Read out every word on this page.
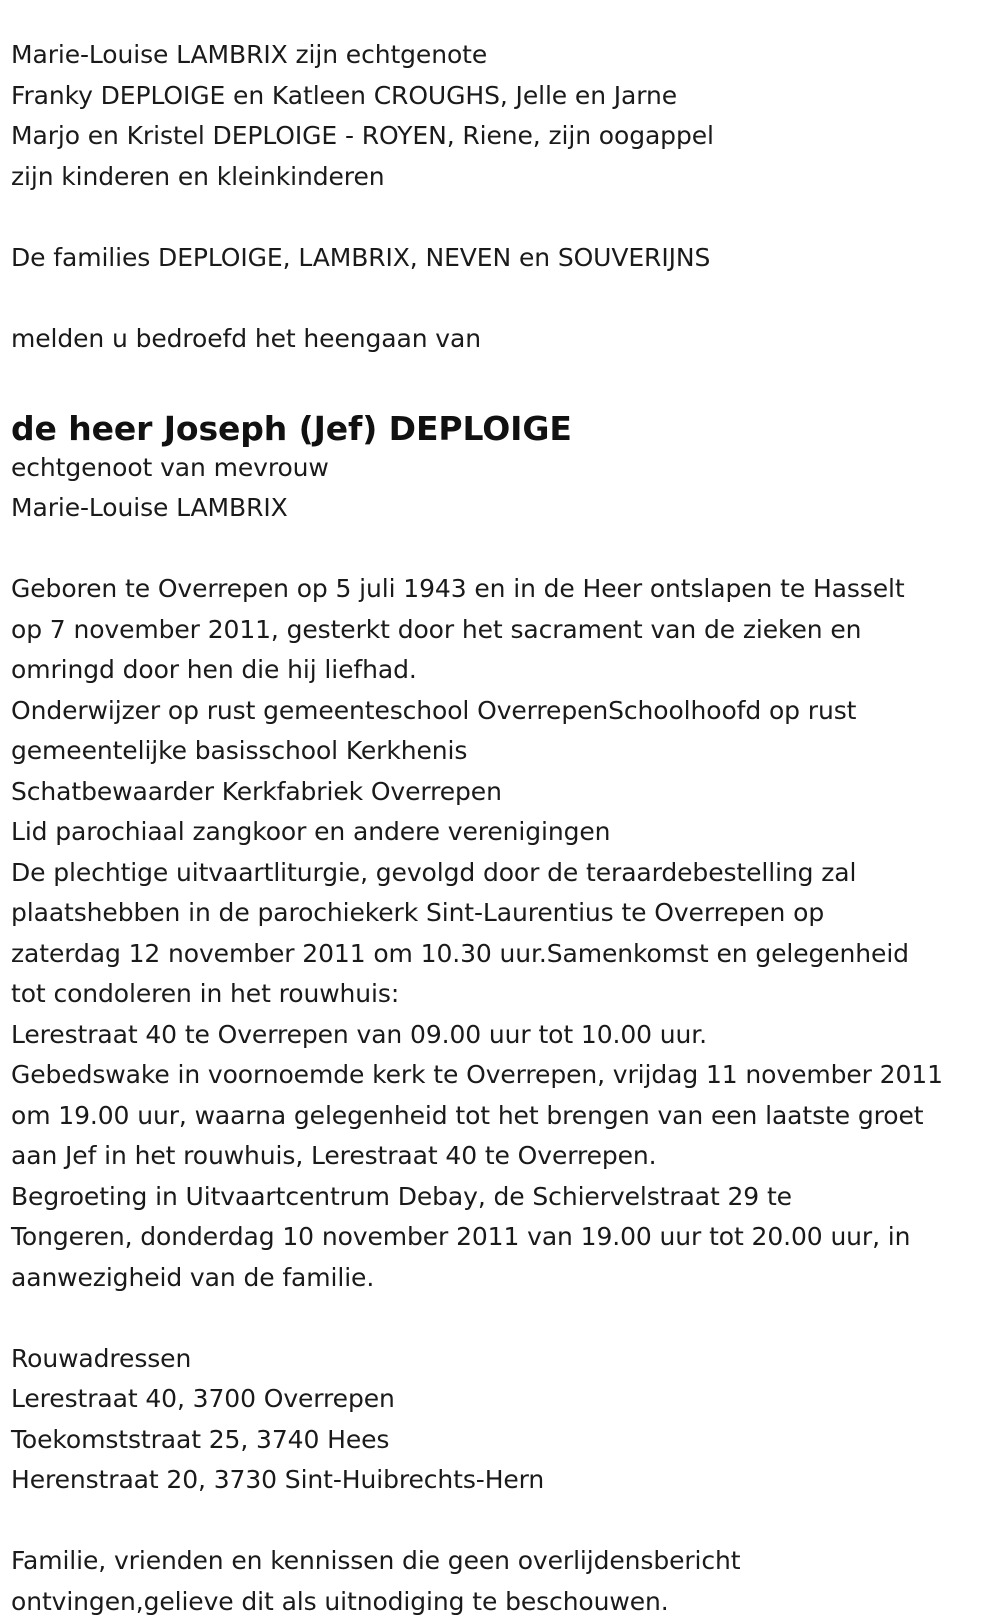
Marie-Louise LAMBRIX zijn echtgenote
Franky DEPLOIGE en Katleen CROUGHS, Jelle en Jarne
Marjo en Kristel DEPLOIGE - ROYEN, Riene, zijn oogappel
zijn kinderen en kleinkinderen
De families DEPLOIGE, LAMBRIX, NEVEN en SOUVERIJNS
melden u bedroefd het heengaan van
de heer Joseph (Jef) DEPLOIGE
echtgenoot van mevrouw
Marie-Louise LAMBRIX
Geboren te Overrepen op 5 juli 1943 en in de Heer ontslapen te Hasselt
op 7 november 2011, gesterkt door het sacrament van de zieken en
omringd door hen die hij liefhad.
Onderwijzer op rust gemeenteschool OverrepenSchoolhoofd op rust
gemeentelijke basisschool Kerkhenis
Schatbewaarder Kerkfabriek Overrepen
Lid parochiaal zangkoor en andere verenigingen
De plechtige uitvaartliturgie, gevolgd door de teraardebestelling zal
plaatshebben in de parochiekerk Sint-Laurentius te Overrepen op
zaterdag 12 november 2011 om 10.30 uur.Samenkomst en gelegenheid
tot condoleren in het rouwhuis:
Lerestraat 40 te Overrepen van 09.00 uur tot 10.00 uur.
Gebedswake in voornoemde kerk te Overrepen, vrijdag 11 november 2011
om 19.00 uur, waarna gelegenheid tot het brengen van een laatste groet
aan Jef in het rouwhuis, Lerestraat 40 te Overrepen.
Begroeting in Uitvaartcentrum Debay, de Schiervelstraat 29 te
Tongeren, donderdag 10 november 2011 van 19.00 uur tot 20.00 uur, in
aanwezigheid van de familie.
Rouwadressen
Lerestraat 40, 3700 Overrepen
Toekomststraat 25, 3740 Hees
Herenstraat 20, 3730 Sint-Huibrechts-Hern
Familie, vrienden en kennissen die geen overlijdensbericht
ontvingen,gelieve dit als uitnodiging te beschouwen.
